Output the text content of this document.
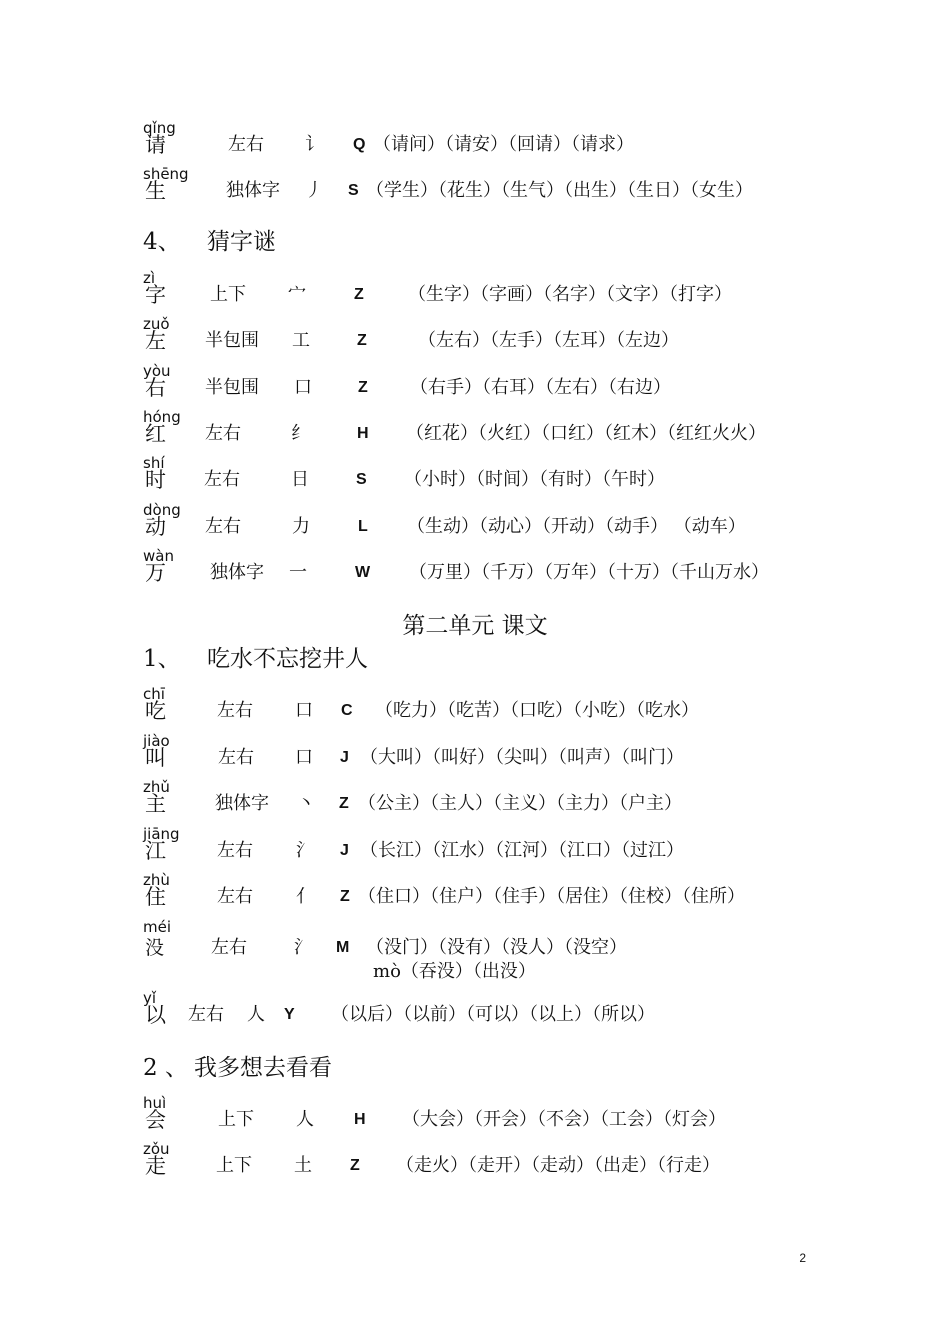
qǐng
请	左右 讠 Q （请问）（请安）（回请）（请求）
shēng
生	独体字 丿 S （学生）（花生）（生气）（出生）（生日）（女生）
4、 猜字谜
zì
字 上下 宀	Z （生字）（字画）（名字）（文字）（打字）
zuǒ
左 半包围 工	Z	（左右）（左手）（左耳）（左边）
yòu
右 半包围 口	Z （右手）（右耳）（左右）（右边）
hóng
红 左右	纟	H （红花）（火红）（口红）（红木）（红红火火）
shí
时 左右	日	S （小时）（时间）（有时）（午时）
dòng
动 左右	力	L （生动）（动心）（开动）（动手） （动车）
wàn
万 独体字 一	W （万里）（千万）（万年）（十万）（千山万水）
第二单元 课文
1、 吃水不忘挖井人
chī
吃	左右 口 C （吃力）（吃苦）（口吃）（小吃）（吃水）
jiào
叫	左右 口 J （大叫）（叫好）（尖叫）（叫声）（叫门）
zhǔ
主	独体字 丶 Z （公主）（主人）（主义）（主力）（户主）
jiāng
江	左右 氵 J （长江）（江水）（江河）（江口）（过江）
zhù
住	左右 亻 Z （住口）（住户）（住手）（居住）（住校）（住所）
méi
没	左右	氵 M （没门）（没有）（没人）（没空）
mò（吞没）（出没）
yǐ
以 左右 人 Y （以后）（以前）（可以）（以上）（所以）
2 、 我多想去看看
huì
会	上下 人	H （大会）（开会）（不会）（工会）（灯会）
zǒu
走	上下 土 Z （走火）（走开）（走动）（出走）（行走）
2
